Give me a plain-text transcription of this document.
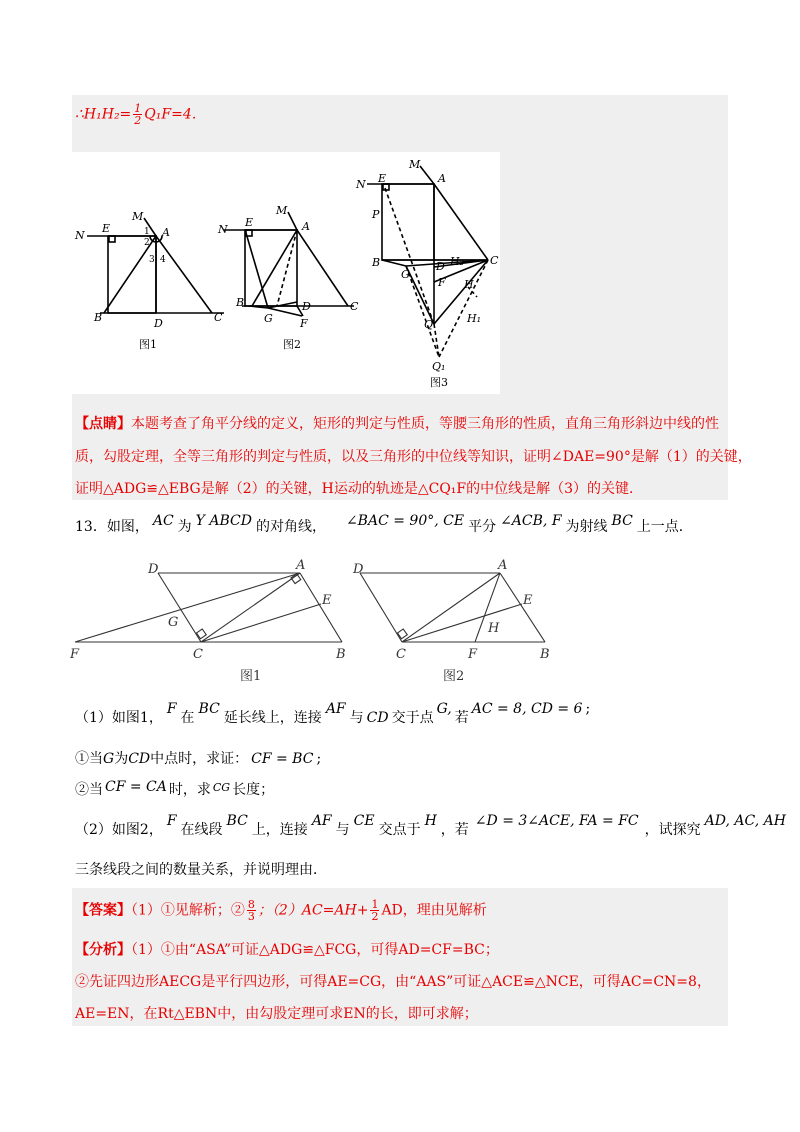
∴H₁H₂= $\frac{1}{2} Q_1F=4$．
N
E
M
A
1
2
3 4
B	D	C
图1
N
E
M
A
B
G
D
F
C
图2
M
N E	A
P
B
G
D H₂ C
F H
Q	H₁
Q₁
图3
【点睛】本题考查了角平分线的定义，矩形的判定与性质，等腰三角形的性质，直角三角形斜边中线的性
质，勾股定理，全等三角形的判定与性质，以及三角形的中位线等知识，证明∠DAE=90°是解（1）的关键，
证明△ADG≌△EBG是解（2）的关键，H运动的轨迹是△CQ₁F的中位线是解（3）的关键．
13．如图， AC 为 Y ABCD 的对角线， ∠BAC = 90°, CE 平分 ∠ACB, F 为射线 BC 上一点．
D	A
E
G
F	C	B
图1
D	A
E
H
C	F	B
图2
（1）如图1，F在BC延长线上，连接AF与 CD 交于点G,若AC = 8, CD = 6 ;
①当G为CD中点时，求证： CF = BC ;
②当 CF = CA 时，求 $^{CG}$ 长度；
（2）如图2，F在线段BC上，连接AF与CE交点于H，若∠D = 3∠ACE, FA = FC，试探究AD, AC, AH
三条线段之间的数量关系，并说明理由．
【答案】（1）①见解析；② $\frac{8}{3}$ ；$(2)AC=AH+ \frac{1}{2}$ AD，理由见解析
【分析】（1）①由“ASA”可证△ADG≌△FCG，可得AD=CF=BC；
②先证四边形AECG是平行四边形，可得AE=CG，由“AAS”可证△ACE≌△NCE，可得AC=CN=8，
AE=EN，在Rt△EBN中，由勾股定理可求EN的长，即可求解；
